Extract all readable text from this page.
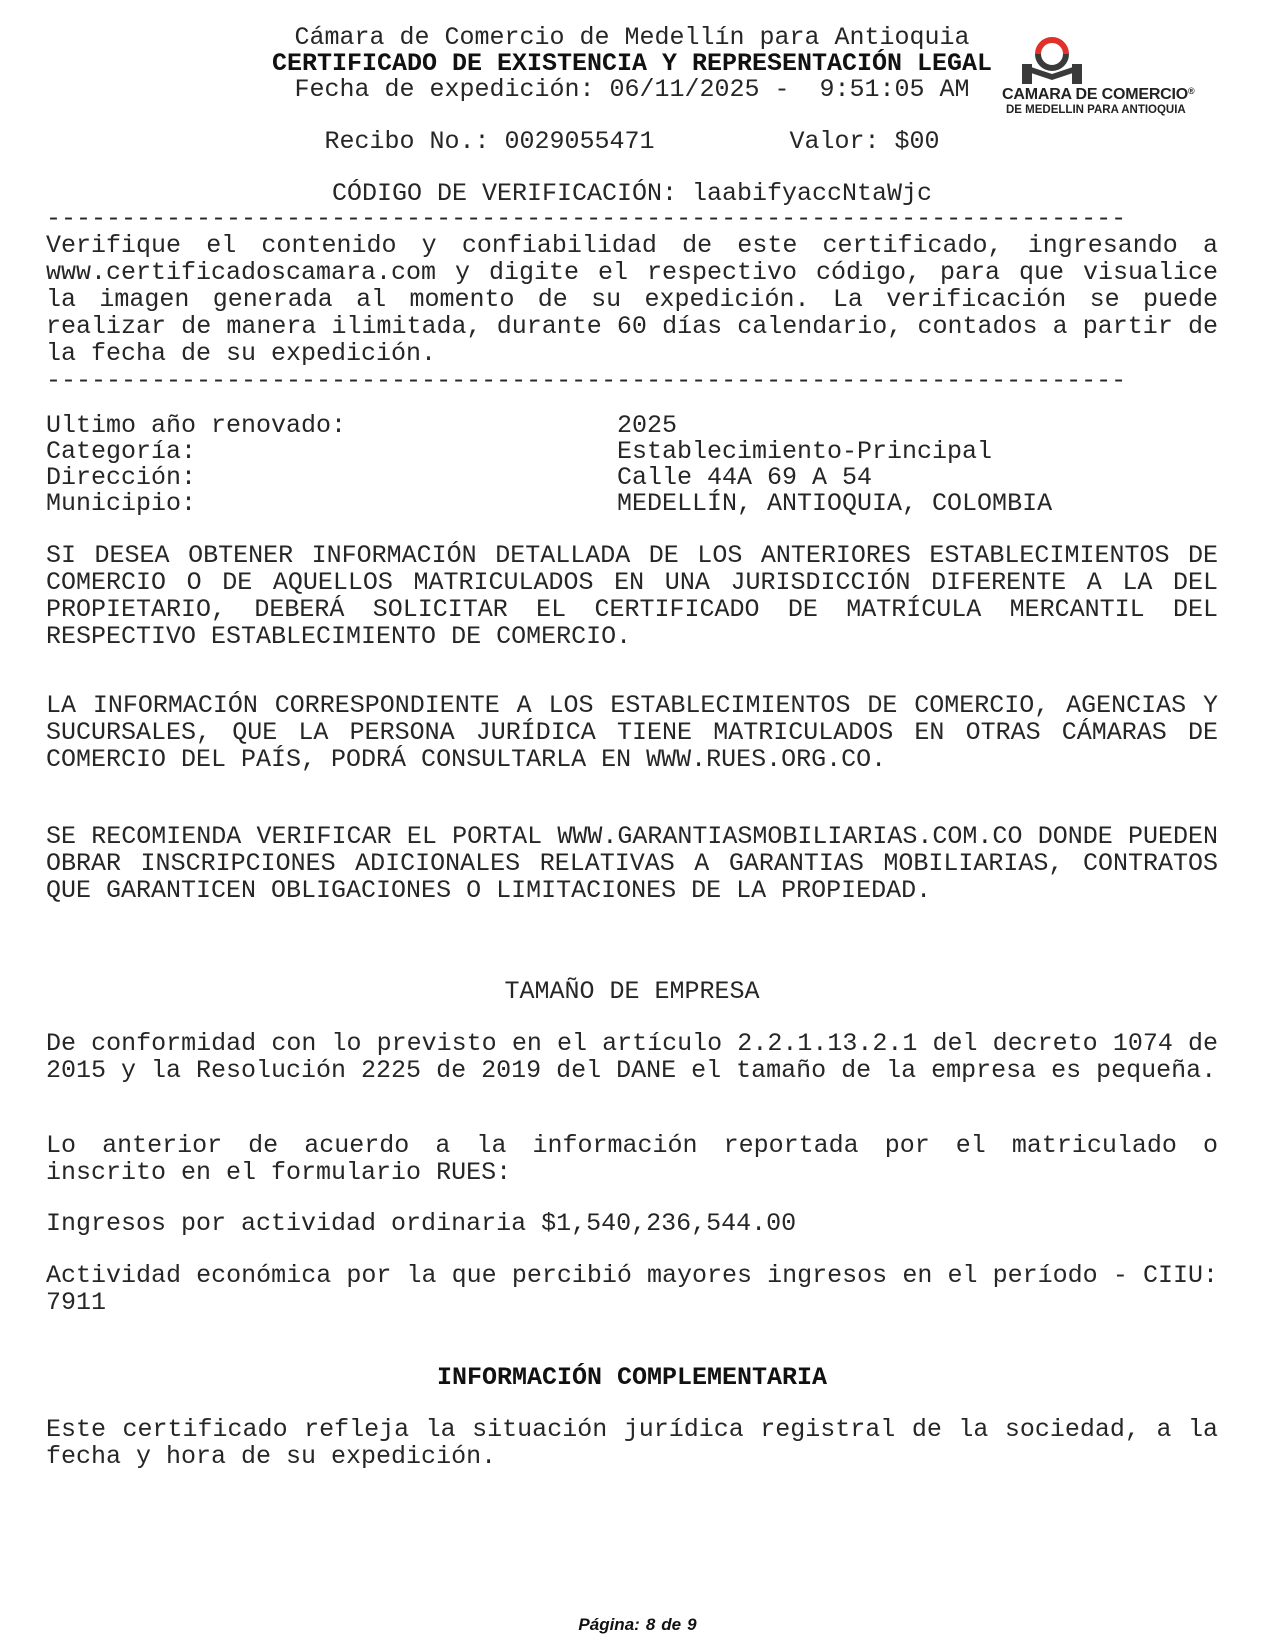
Cámara de Comercio de Medellín para Antioquia
CERTIFICADO DE EXISTENCIA Y REPRESENTACIÓN LEGAL
Fecha de expedición: 06/11/2025 -  9:51:05 AM	CAMARA DE COMERCIO®
DE MEDELLIN PARA ANTIOQUIA
Recibo No.: 0029055471         Valor: $00
CÓDIGO DE VERIFICACIÓN: laabifyaccNtaWjc
------------------------------------------------------------------------
Verifique el contenido y confiabilidad de este certificado, ingresando a www.certificadoscamara.com y digite el respectivo código, para que visualice la imagen generada al momento de su expedición. La verificación se puede realizar de manera ilimitada, durante 60 días calendario, contados a partir de la fecha de su expedición.
------------------------------------------------------------------------

Ultimo año renovado:

	2025

Categoría:

	Establecimiento-Principal

Dirección:

	Calle 44A 69 A 54

Municipio:

	MEDELLÍN, ANTIOQUIA, COLOMBIA

SI DESEA OBTENER INFORMACIÓN DETALLADA DE LOS ANTERIORES ESTABLECIMIENTOS DE COMERCIO O DE AQUELLOS MATRICULADOS EN UNA JURISDICCIÓN DIFERENTE A LA DEL PROPIETARIO, DEBERÁ SOLICITAR EL CERTIFICADO DE MATRÍCULA MERCANTIL DEL RESPECTIVO ESTABLECIMIENTO DE COMERCIO.
LA INFORMACIÓN CORRESPONDIENTE A LOS ESTABLECIMIENTOS DE COMERCIO, AGENCIAS Y SUCURSALES, QUE LA PERSONA JURÍDICA TIENE MATRICULADOS EN OTRAS CÁMARAS DE COMERCIO DEL PAÍS, PODRÁ CONSULTARLA EN WWW.RUES.ORG.CO.
SE RECOMIENDA VERIFICAR EL PORTAL WWW.GARANTIASMOBILIARIAS.COM.CO DONDE PUEDEN OBRAR INSCRIPCIONES ADICIONALES RELATIVAS A GARANTIAS MOBILIARIAS, CONTRATOS QUE GARANTICEN OBLIGACIONES O LIMITACIONES DE LA PROPIEDAD.
TAMAÑO DE EMPRESA
De conformidad con lo previsto en el artículo 2.2.1.13.2.1 del decreto 1074 de 2015 y la Resolución 2225 de 2019 del DANE el tamaño de la empresa es pequeña.
Lo anterior de acuerdo a la información reportada por el matriculado o inscrito en el formulario RUES:
Ingresos por actividad ordinaria $1,540,236,544.00
Actividad económica por la que percibió mayores ingresos en el período - CIIU: 7911
INFORMACIÓN COMPLEMENTARIA
Este certificado refleja la situación jurídica registral de la sociedad, a la fecha y hora de su expedición.
Página: 8 de 9
